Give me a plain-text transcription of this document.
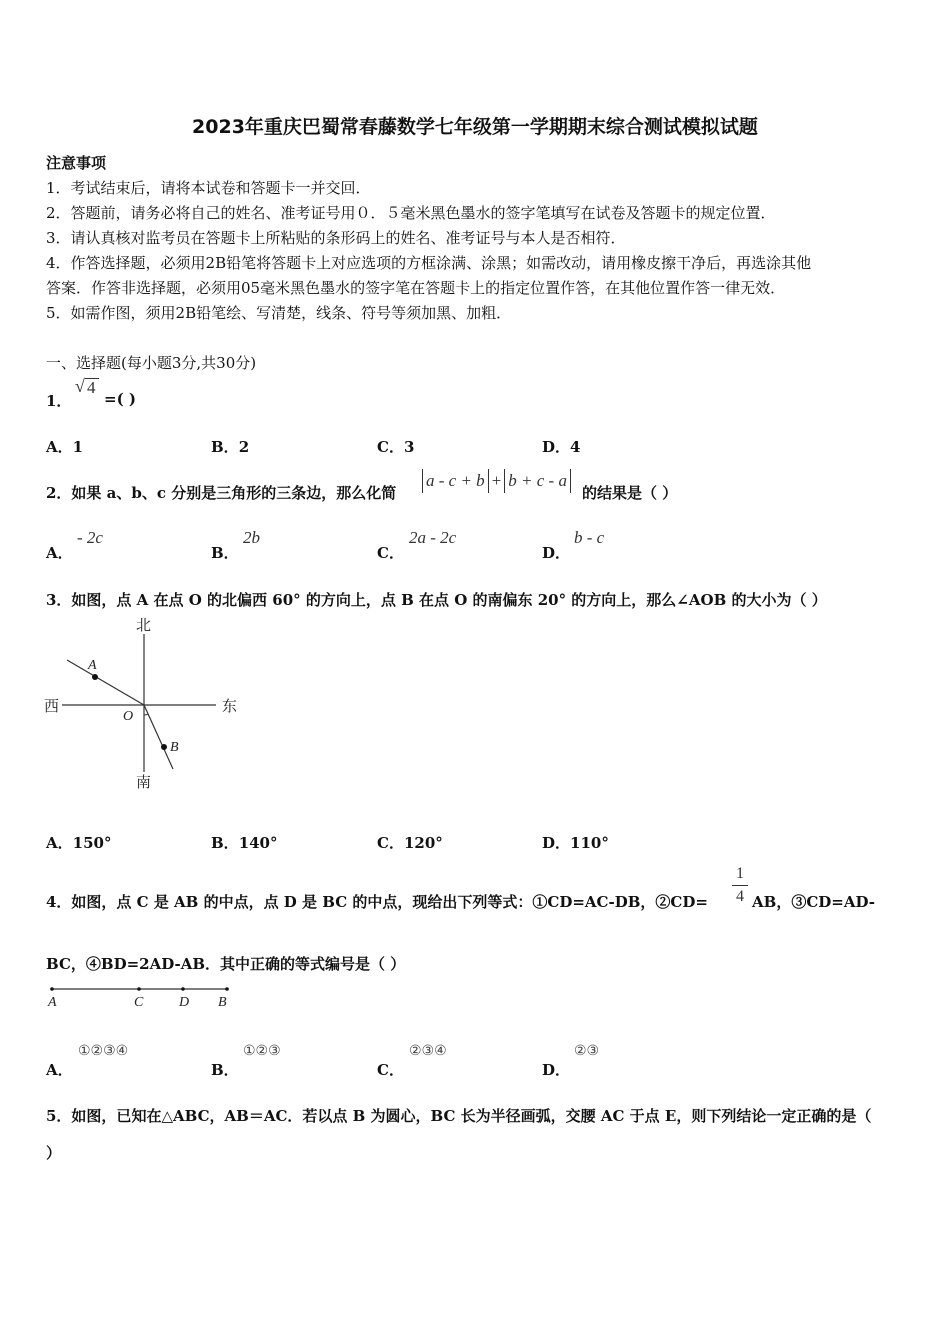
2023年重庆巴蜀常春藤数学七年级第一学期期末综合测试模拟试题
注意事项
1．考试结束后，请将本试卷和答题卡一并交回．
2．答题前，请务必将自己的姓名、准考证号用０．５毫米黑色墨水的签字笔填写在试卷及答题卡的规定位置．
3．请认真核对监考员在答题卡上所粘贴的条形码上的姓名、准考证号与本人是否相符．
4．作答选择题，必须用2B铅笔将答题卡上对应选项的方框涂满、涂黑；如需改动，请用橡皮擦干净后，再选涂其他
答案．作答非选择题，必须用05毫米黑色墨水的签字笔在答题卡上的指定位置作答，在其他位置作答一律无效．
5．如需作图，须用2B铅笔绘、写清楚，线条、符号等须加黑、加粗．
一、选择题(每小题3分,共30分)
1．
√ 4
=( )
A．1	B．2	C．3	D．4
2．如果 a、b、c 分别是三角形的三条边，那么化简
a - c + b + b + c - a
的结果是（ ）
A．
- 2c
B．
2b
C．
2a - 2c
D．
b - c
3．如图，点 A 在点 O 的北偏西 60° 的方向上，点 B 在点 O 的南偏东 20° 的方向上，那么∠AOB 的大小为（ ）
北
南
西	东
A
B
O
A．150°	B．140°	C．120°	D．110°
4．如图，点 C 是 AB 的中点，点 D 是 BC 的中点，现给出下列等式：①CD=AC-DB，②CD=
1
4 AB，③CD=AD-
BC，④BD=2AD-AB．其中正确的等式编号是（ ）
A	C	D B
A．
①②③④
B．
①②③
C．
②③④
D．
②③
5．如图，已知在△ABC，AB＝AC．若以点 B 为圆心，BC 长为半径画弧，交腰 AC 于点 E，则下列结论一定正确的是（
）
